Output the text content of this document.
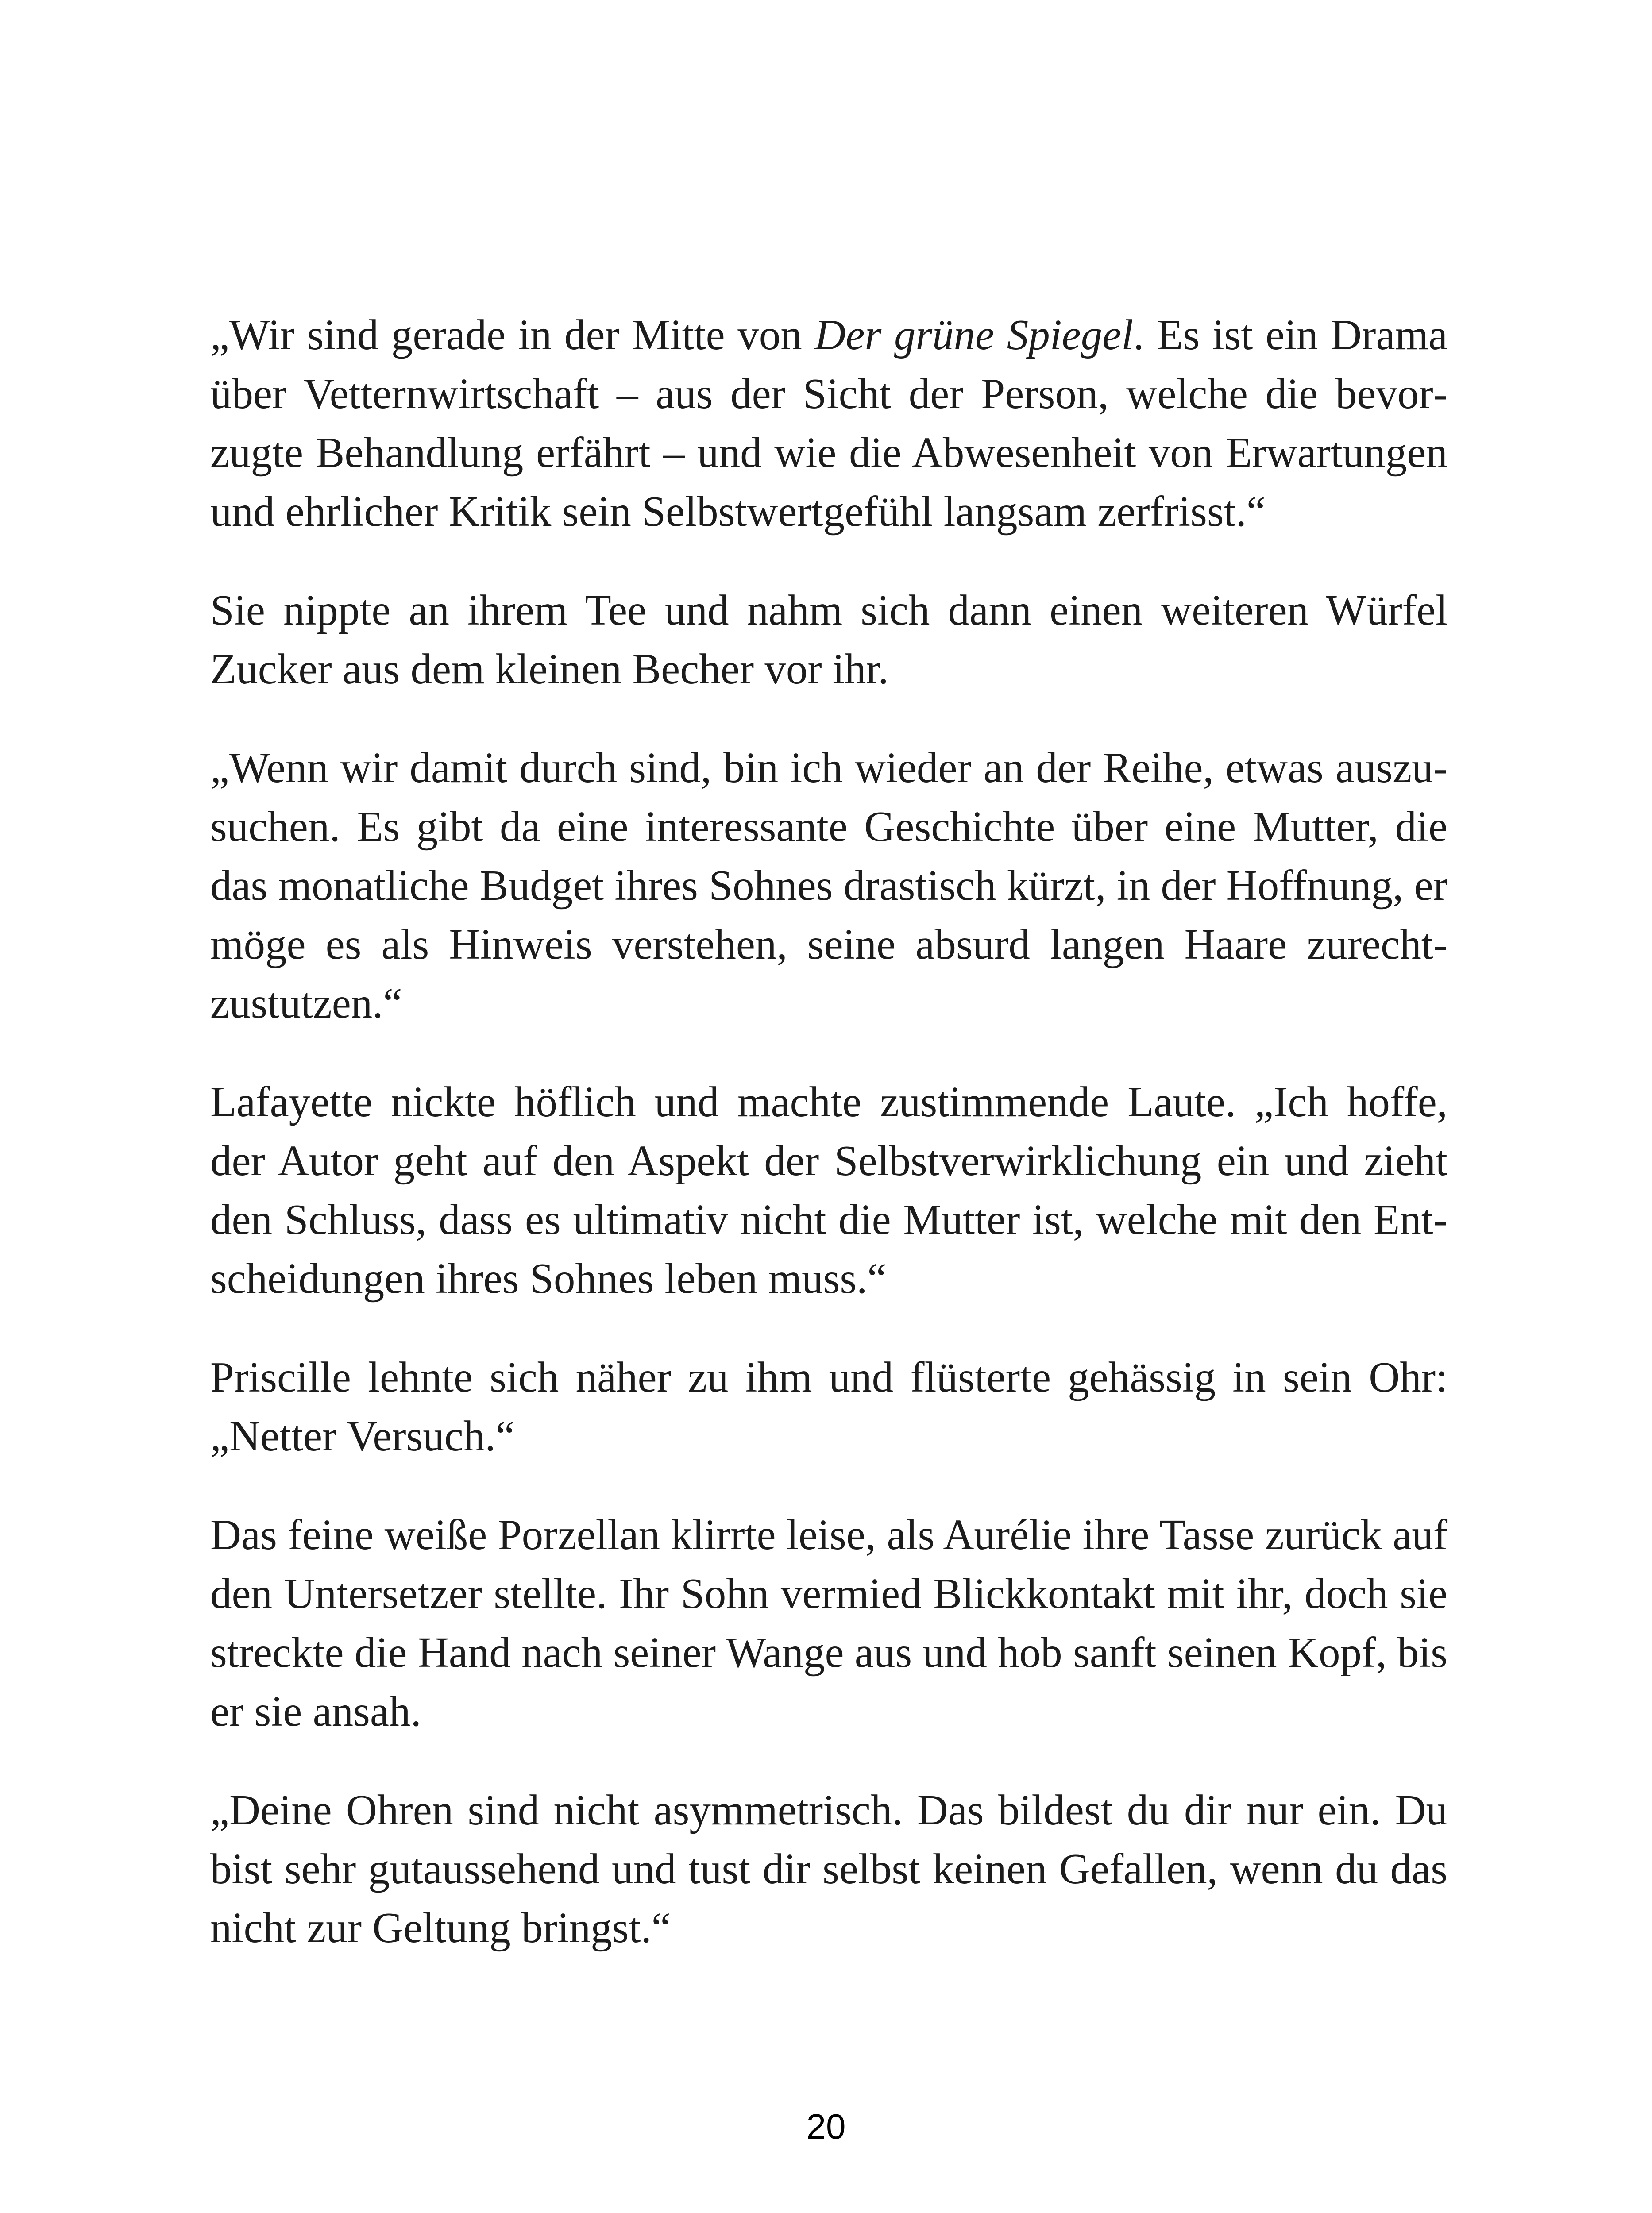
„Wir sind gerade in der Mitte von Der grüne Spiegel. Es ist ein Drama über Vetternwirtschaft – aus der Sicht der Person, welche die bevorzugte Behandlung erfährt – und wie die Abwesenheit von Erwartungen und ehrlicher Kritik sein Selbstwertgefühl langsam zerfrisst.“

Sie nippte an ihrem Tee und nahm sich dann einen weiteren Würfel Zucker aus dem kleinen Becher vor ihr.

„Wenn wir damit durch sind, bin ich wieder an der Reihe, etwas auszusuchen. Es gibt da eine interessante Geschichte über eine Mutter, die das monatliche Budget ihres Sohnes drastisch kürzt, in der Hoffnung, er möge es als Hinweis verstehen, seine absurd langen Haare zurechtzustutzen.“

Lafayette nickte höflich und machte zustimmende Laute. „Ich hoffe, der Autor geht auf den Aspekt der Selbstverwirklichung ein und zieht den Schluss, dass es ultimativ nicht die Mutter ist, welche mit den Entscheidungen ihres Sohnes leben muss.“

Priscille lehnte sich näher zu ihm und flüsterte gehässig in sein Ohr: „Netter Versuch.“

Das feine weiße Porzellan klirrte leise, als Aurélie ihre Tasse zurück auf den Untersetzer stellte. Ihr Sohn vermied Blickkontakt mit ihr, doch sie streckte die Hand nach seiner Wange aus und hob sanft seinen Kopf, bis er sie ansah.

„Deine Ohren sind nicht asymmetrisch. Das bildest du dir nur ein. Du bist sehr gutaussehend und tust dir selbst keinen Gefallen, wenn du das nicht zur Geltung bringst.“

20
